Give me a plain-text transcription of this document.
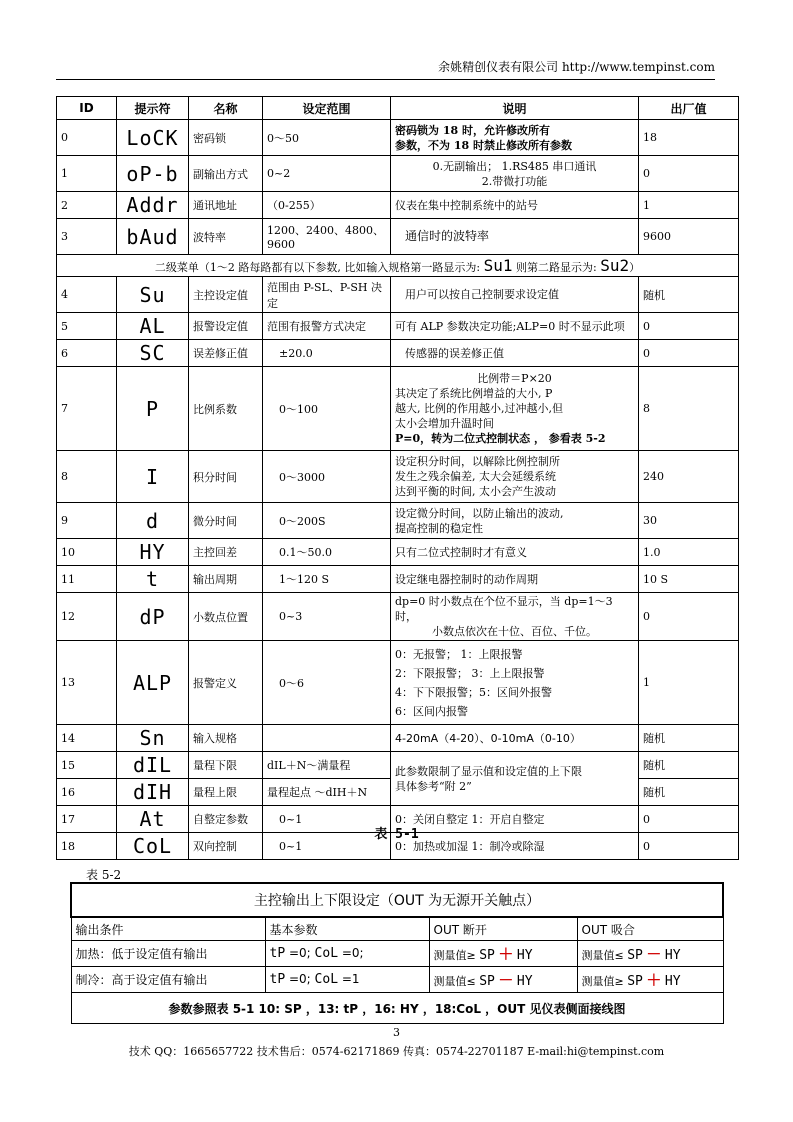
余姚精创仪表有限公司 http://www.tempinst.com
ID	提示符	名称	设定范围	说明	出厂值
0	LoCK	密码锁	0～50	密码锁为 18 时，允许修改所有
参数，不为 18 时禁止修改所有参数	18
1	oP-b	副输出方式	0~2	0.无副输出； 1.RS485 串口通讯
2.带微打功能	0
2	Addr	通讯地址	（0-255）	仪表在集中控制系统中的站号	1
3	bAud	波特率	1200、2400、4800、9600	通信时的波特率	9600
二级菜单（1～2 路每路都有以下参数, 比如输入规格第一路显示为: Su1 则第二路显示为: Su2）					
4	Su	主控设定值	范围由 P-SL、P-SH 决定	用户可以按自己控制要求设定值	随机
5	AL	报警设定值	范围有报警方式决定	可有 ALP 参数决定功能;ALP=0 时不显示此项	0
6	SC	误差修正值	±20.0	传感器的误差修正值	0
7	P	比例系数	0～100	比例带＝P×20
其决定了系统比例增益的大小, P
越大, 比例的作用越小,过冲越小,但
太小会增加升温时间
P=0，转为二位式控制状态 ， 参看表 5-2	8
8	I	积分时间	0～3000	设定积分时间，以解除比例控制所
发生之残余偏差, 太大会延缓系统
达到平衡的时间, 太小会产生波动	240
9	d	微分时间	0～200S	设定微分时间，以防止输出的波动,
提高控制的稳定性	30
10	HY	主控回差	0.1～50.0	只有二位式控制时才有意义	1.0
11	t	输出周期	1～120 S	设定继电器控制时的动作周期	10 S
12	dP	小数点位置	0~3	dp=0 时小数点在个位不显示，当 dp=1～3 时，
小数点依次在十位、百位、千位。	0
13	ALP	报警定义	0～6	0：无报警； 1：上限报警
2：下限报警； 3：上上限报警
4：下下限报警；5：区间外报警
6：区间内报警	1
14	Sn	输入规格		4-20mA（4-20）、0-10mA（0-10）	随机
15	dIL	量程下限	dIL＋N～满量程	此参数限制了显示值和设定值的上下限
具体参考“附 2”	随机
16	dIH	量程上限	量程起点 ～dIH＋N		随机
17	At	自整定参数	0~1	0：关闭自整定 1：开启自整定	0
18	CoL	双向控制	0~1	0：加热或加湿 1：制冷或除湿	0
表 5-1
表 5-2
主控输出上下限设定（OUT 为无源开关触点）			
输出条件	基本参数	OUT 断开	OUT 吸合
加热：低于设定值有输出	tP =0; CoL =0;	测量值≥ SP ＋ HY	测量值≤ SP － HY
制冷：高于设定值有输出	tP =0; CoL =1	测量值≤ SP － HY	测量值≥ SP ＋ HY
参数参照表 5-1 10: SP ，13: tP ，16: HY ，18:CoL ，OUT 见仪表侧面接线图			
3
技术 QQ：1665657722 技术售后：0574-62171869 传真：0574-22701187 E-mail:hi@tempinst.com
